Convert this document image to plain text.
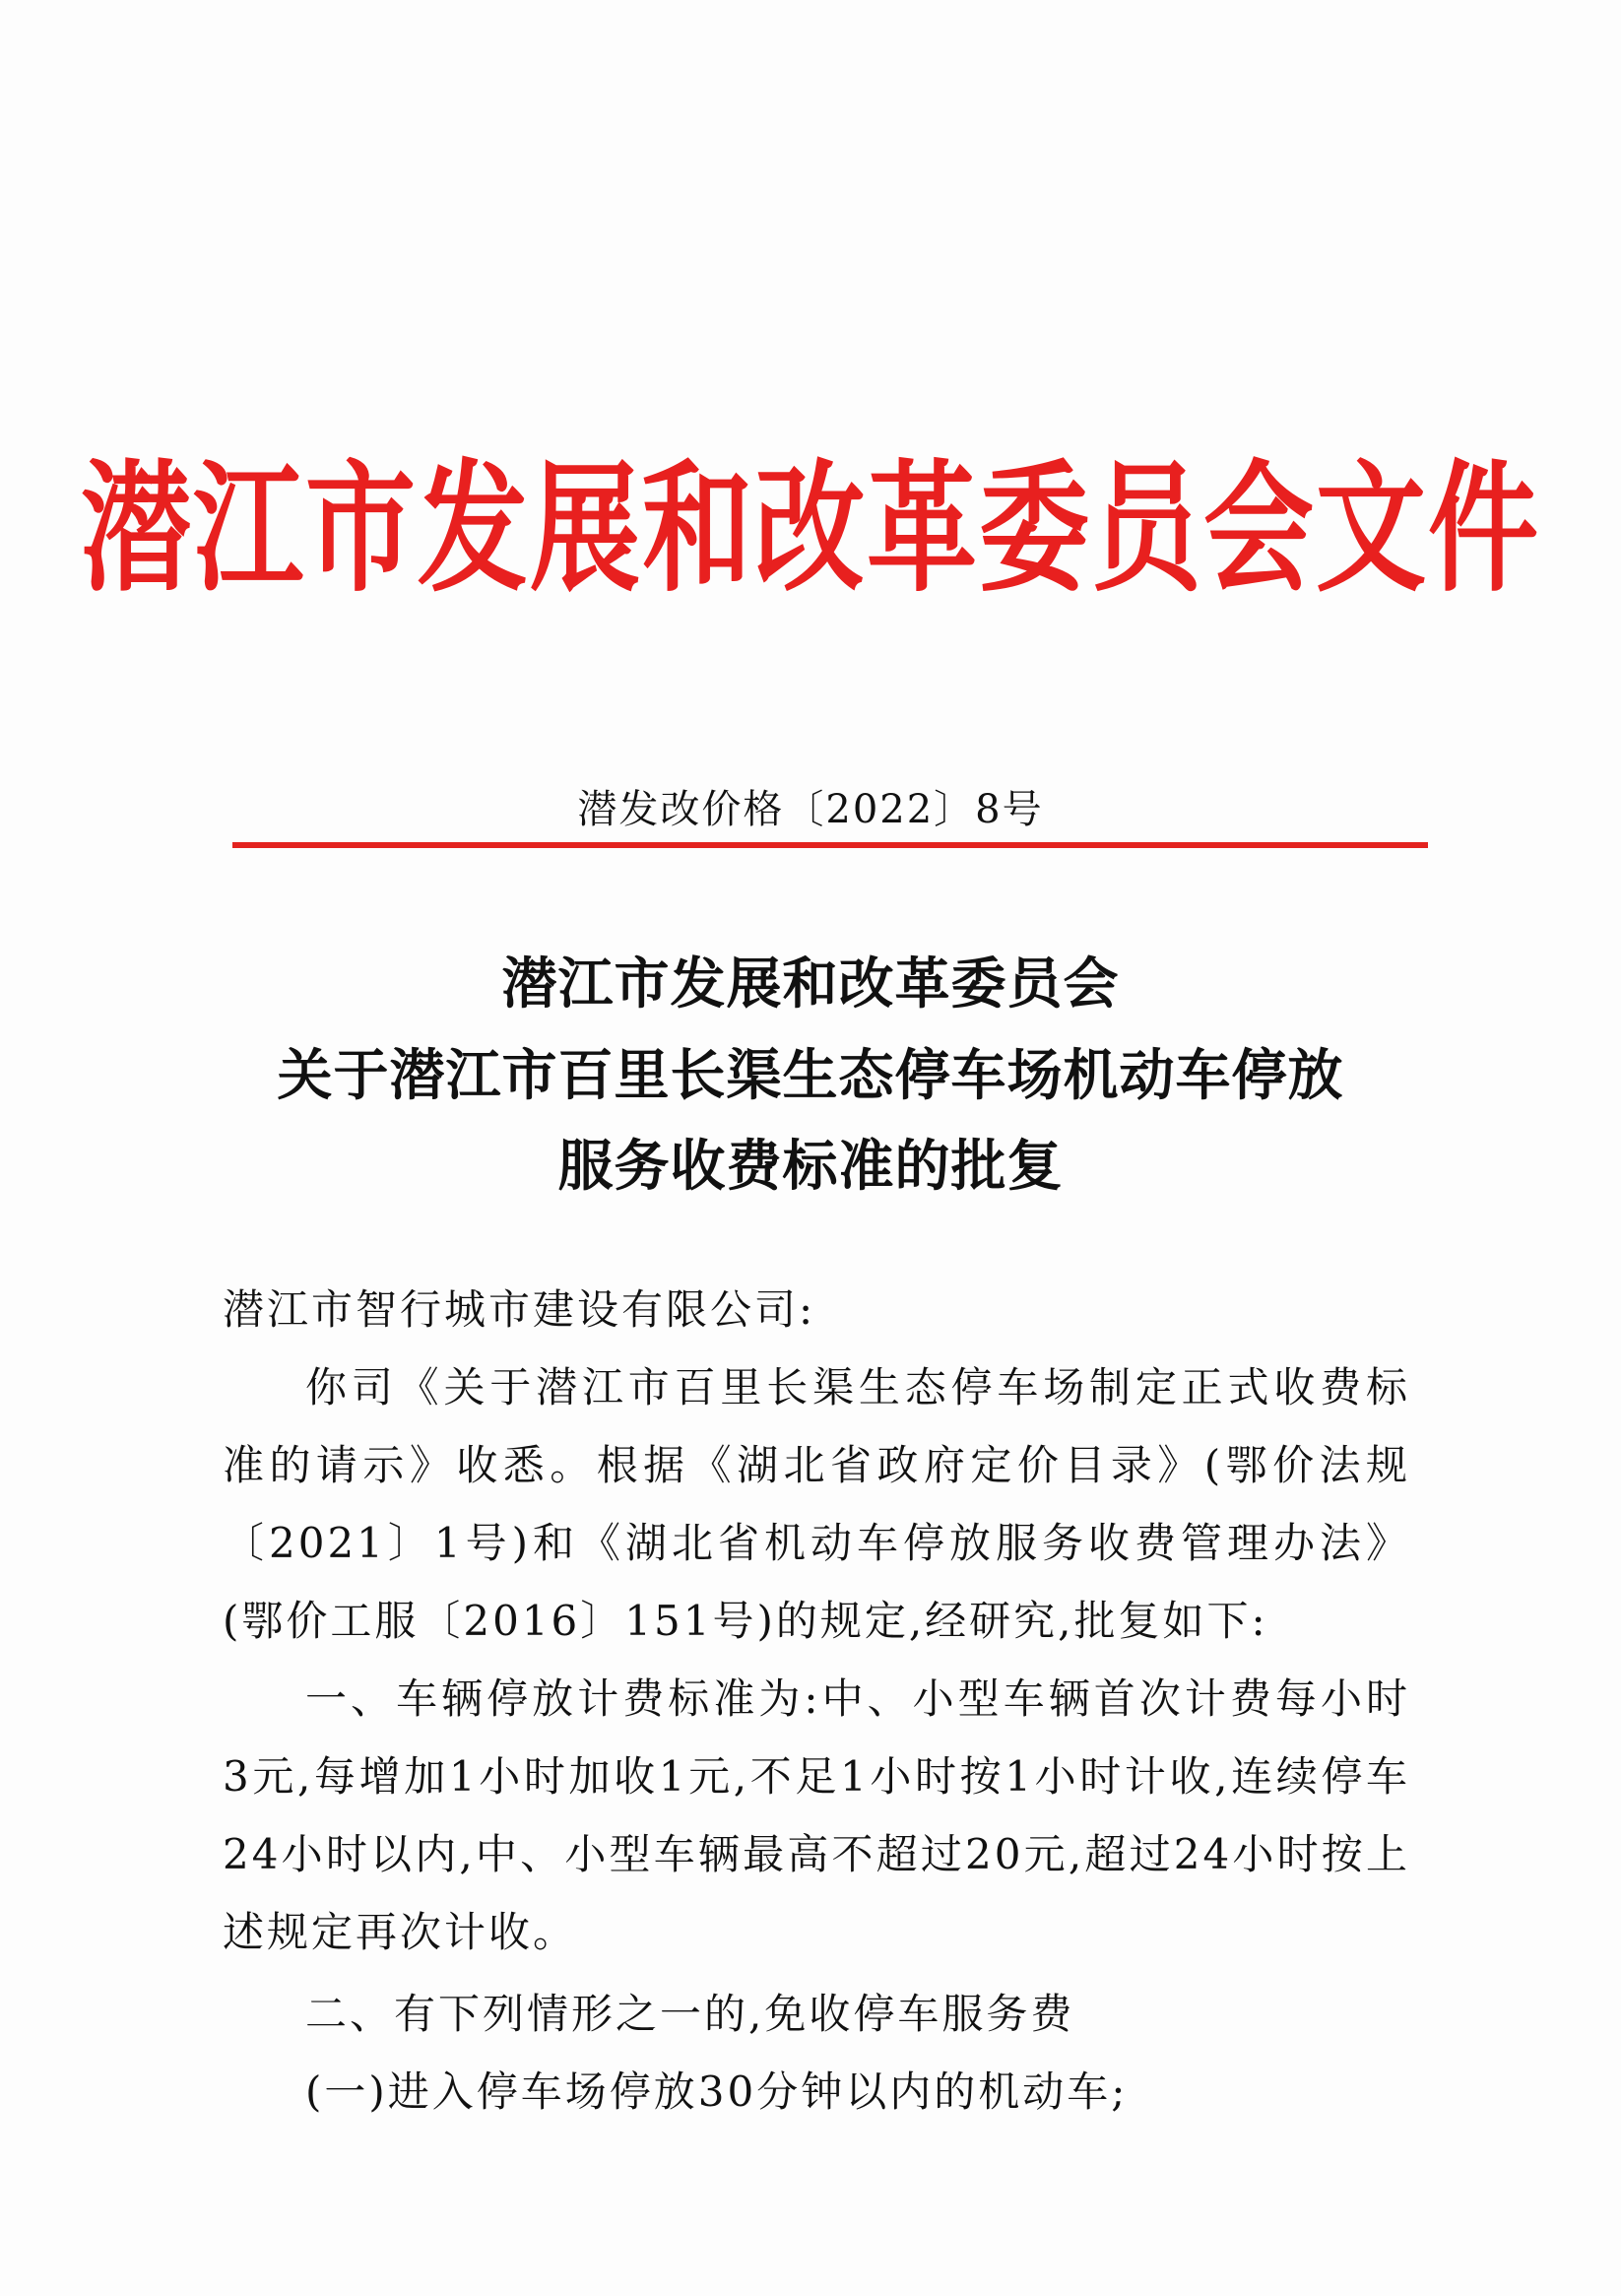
潜江市发展和改革委员会文件
潜发改价格〔2022〕8号
潜江市发展和改革委员会
关于潜江市百里长渠生态停车场机动车停放
服务收费标准的批复

潜江市智行城市建设有限公司:

你司《关于潜江市百里长渠生态停车场制定正式收费标准的请示》收悉。根据《湖北省政府定价目录》(鄂价法规〔2021〕1号)和《湖北省机动车停放服务收费管理办法》(鄂价工服〔2016〕151号)的规定,经研究,批复如下:

一、车辆停放计费标准为:中、小型车辆首次计费每小时3元,每增加1小时加收1元,不足1小时按1小时计收,连续停车24小时以内,中、小型车辆最高不超过20元,超过24小时按上述规定再次计收。

二、有下列情形之一的,免收停车服务费

(一)进入停车场停放30分钟以内的机动车;
